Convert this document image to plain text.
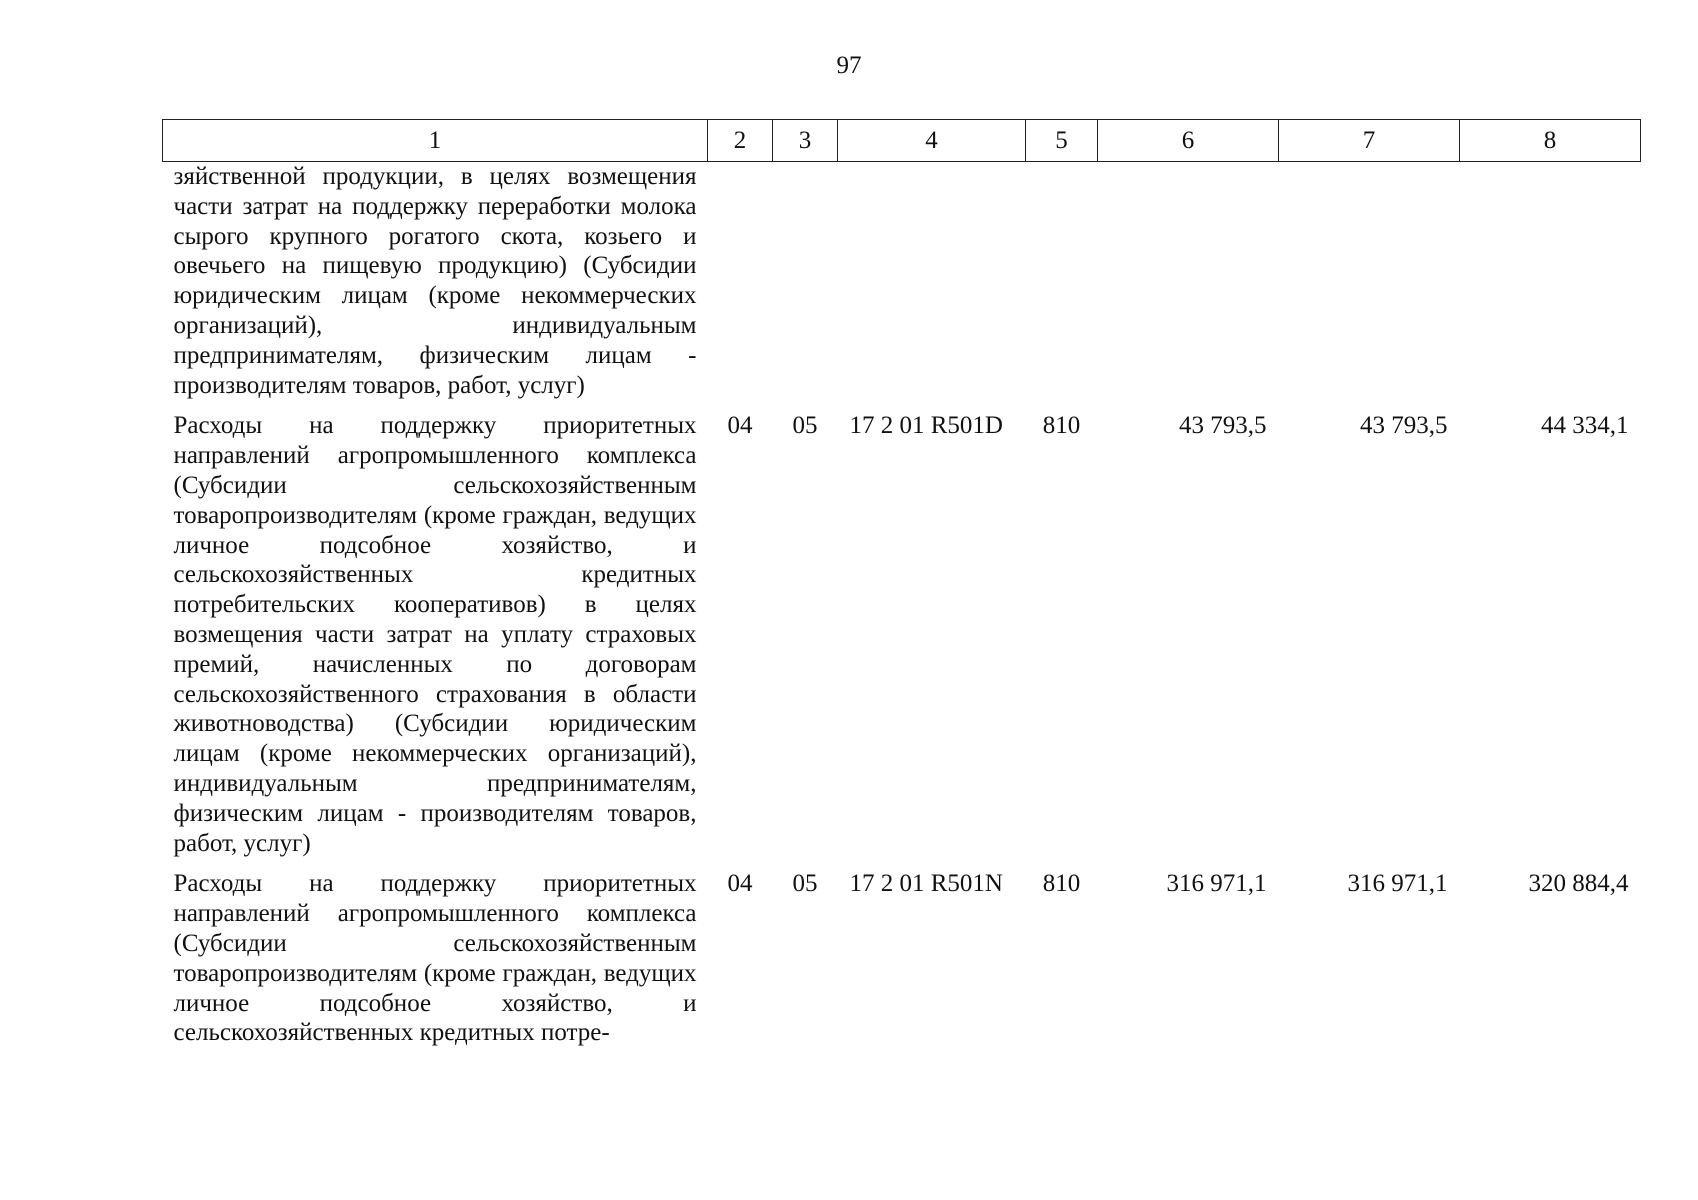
97
1	2	3	4	5	6	7	8
зяйственной продукции, в целях возмещения части затрат на поддержку переработки молока сырого крупного рогатого скота, козьего и овечьего на пищевую продукцию) (Субсидии юридическим лицам (кроме некоммерческих организаций), индивидуальным предпринимателям, физическим лицам - производителям товаров, работ, услуг)							
Расходы на поддержку приоритетных направлений агропромышленного комплекса (Субсидии сельскохозяйственным товаропроизводителям (кроме граждан, ведущих личное подсобное хозяйство, и сельскохозяйственных кредитных потребительских кооперативов) в целях возмещения части затрат на уплату страховых премий, начисленных по договорам сельскохозяйственного страхования в области животноводства) (Субсидии юридическим лицам (кроме некоммерческих организаций), индивидуальным предпринимателям, физическим лицам - производителям товаров, работ, услуг)	04	05	17 2 01 R501D	810	43 793,5	43 793,5	44 334,1
Расходы на поддержку приоритетных направлений агропромышленного комплекса (Субсидии сельскохозяйственным товаропроизводителям (кроме граждан, ведущих личное подсобное хозяйство, и сельскохозяйственных кредитных потре-	04	05	17 2 01 R501N	810	316 971,1	316 971,1	320 884,4
